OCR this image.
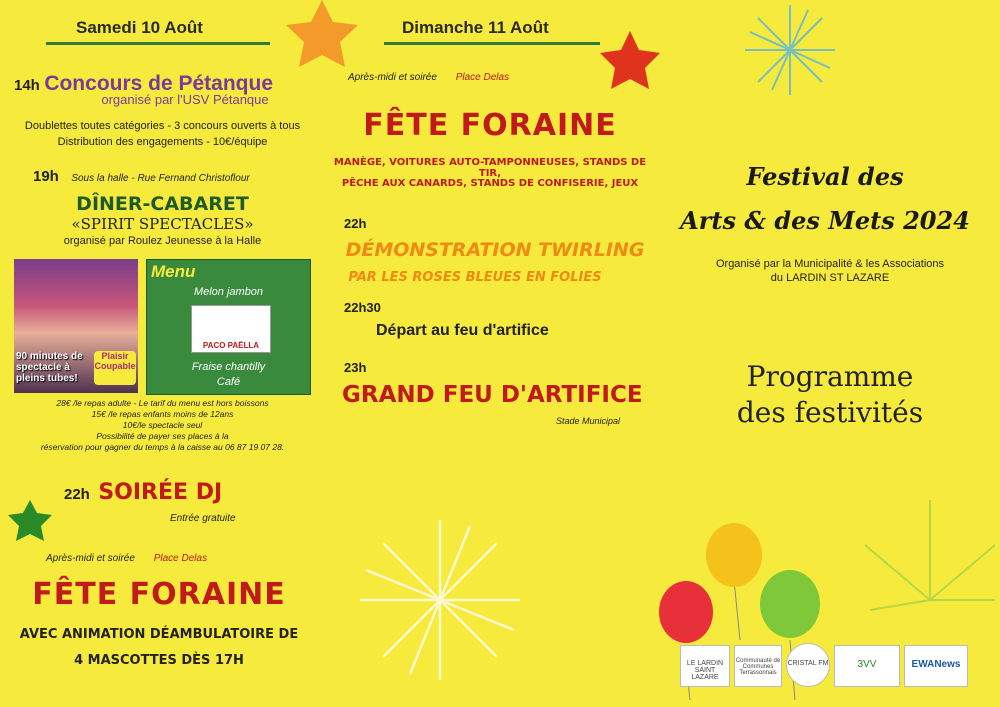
Samedi 10 Août
14h Concours de Pétanque
organisé par l'USV Pétanque
Doublettes toutes catégories - 3 concours ouverts à tous
Distribution des engagements - 10€/équipe
19h Sous la halle - Rue Fernand Christoflour
DÎNER-CABARET
«SPIRIT SPECTACLES»
organisé par Roulez Jeunesse à la Halle
90 minutes de spectacle à pleins tubes!
Plaisir Coupable
Menu
Melon jambon
PACO PAËLLA
Fraise chantilly
Café
28€ /le repas adulte - Le tarif du menu est hors boissons
15€ /le repas enfants moins de 12ans
10€/le spectacle seul
Possibilité de payer ses places à la
réservation pour gagner du temps à la caisse au 06 87 19 07 28.
22h SOIRÉE DJ
Entrée gratuite
Après-midi et soirée Place Delas
FÊTE FORAINE
AVEC ANIMATION DÉAMBULATOIRE DE
4 MASCOTTES DÈS 17H
Dimanche 11 Août
Après-midi et soirée Place Delas
FÊTE FORAINE
MANÈGE, VOITURES AUTO-TAMPONNEUSES, STANDS DE TIR,
PÊCHE AUX CANARDS, STANDS DE CONFISERIE, JEUX
22h
DÉMONSTRATION TWIRLING
PAR LES ROSES BLEUES EN FOLIES
22h30
Départ au feu d'artifice
23h
GRAND FEU D'ARTIFICE
Stade Municipal
Festival des
Arts & des Mets 2024
Organisé par la Municipalité & les Associations
du LARDIN ST LAZARE
Programme
des festivités
LE LARDIN SAINT LAZARE
Communauté de Communes Terrassonnais
CRISTAL FM	3VV	EWANews
